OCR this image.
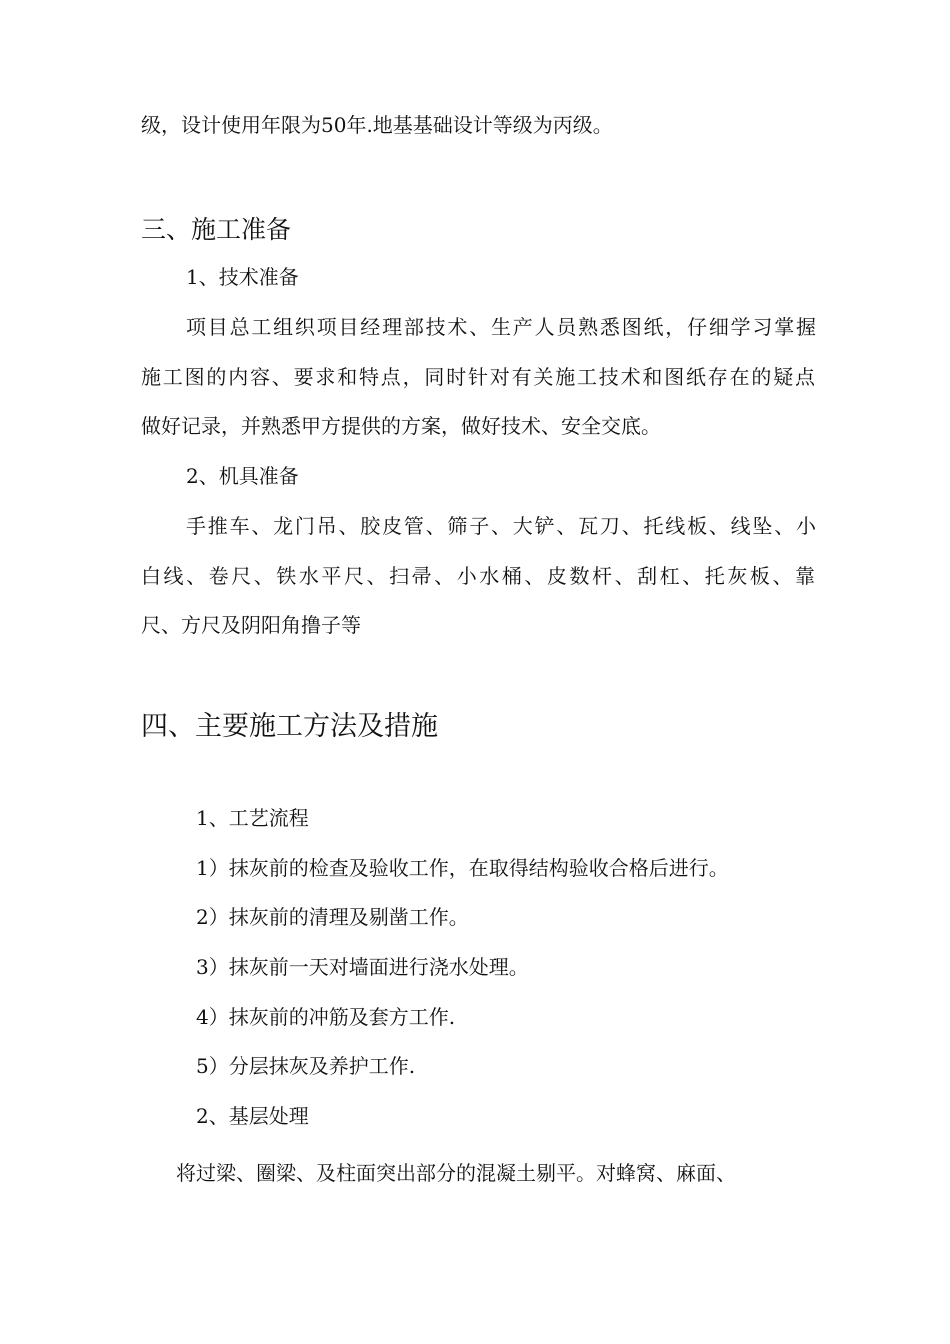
级，设计使用年限为50年.地基基础设计等级为丙级。

三、施工准备

1、技术准备

项目总工组织项目经理部技术、生产人员熟悉图纸，仔细学习掌握

施工图的内容、要求和特点，同时针对有关施工技术和图纸存在的疑点

做好记录，并熟悉甲方提供的方案，做好技术、安全交底。

2、机具准备

手推车、龙门吊、胶皮管、筛子、大铲、瓦刀、托线板、线坠、小

白线、卷尺、铁水平尺、扫帚、小水桶、皮数杆、刮杠、托灰板、靠

尺、方尺及阴阳角撸子等

四、主要施工方法及措施

1、工艺流程

1）抹灰前的检查及验收工作，在取得结构验收合格后进行。

2）抹灰前的清理及剔凿工作。

3）抹灰前一天对墙面进行浇水处理。

4）抹灰前的冲筋及套方工作.

5）分层抹灰及养护工作.

2、基层处理

将过梁、圈梁、及柱面突出部分的混凝土剔平。对蜂窝、麻面、
